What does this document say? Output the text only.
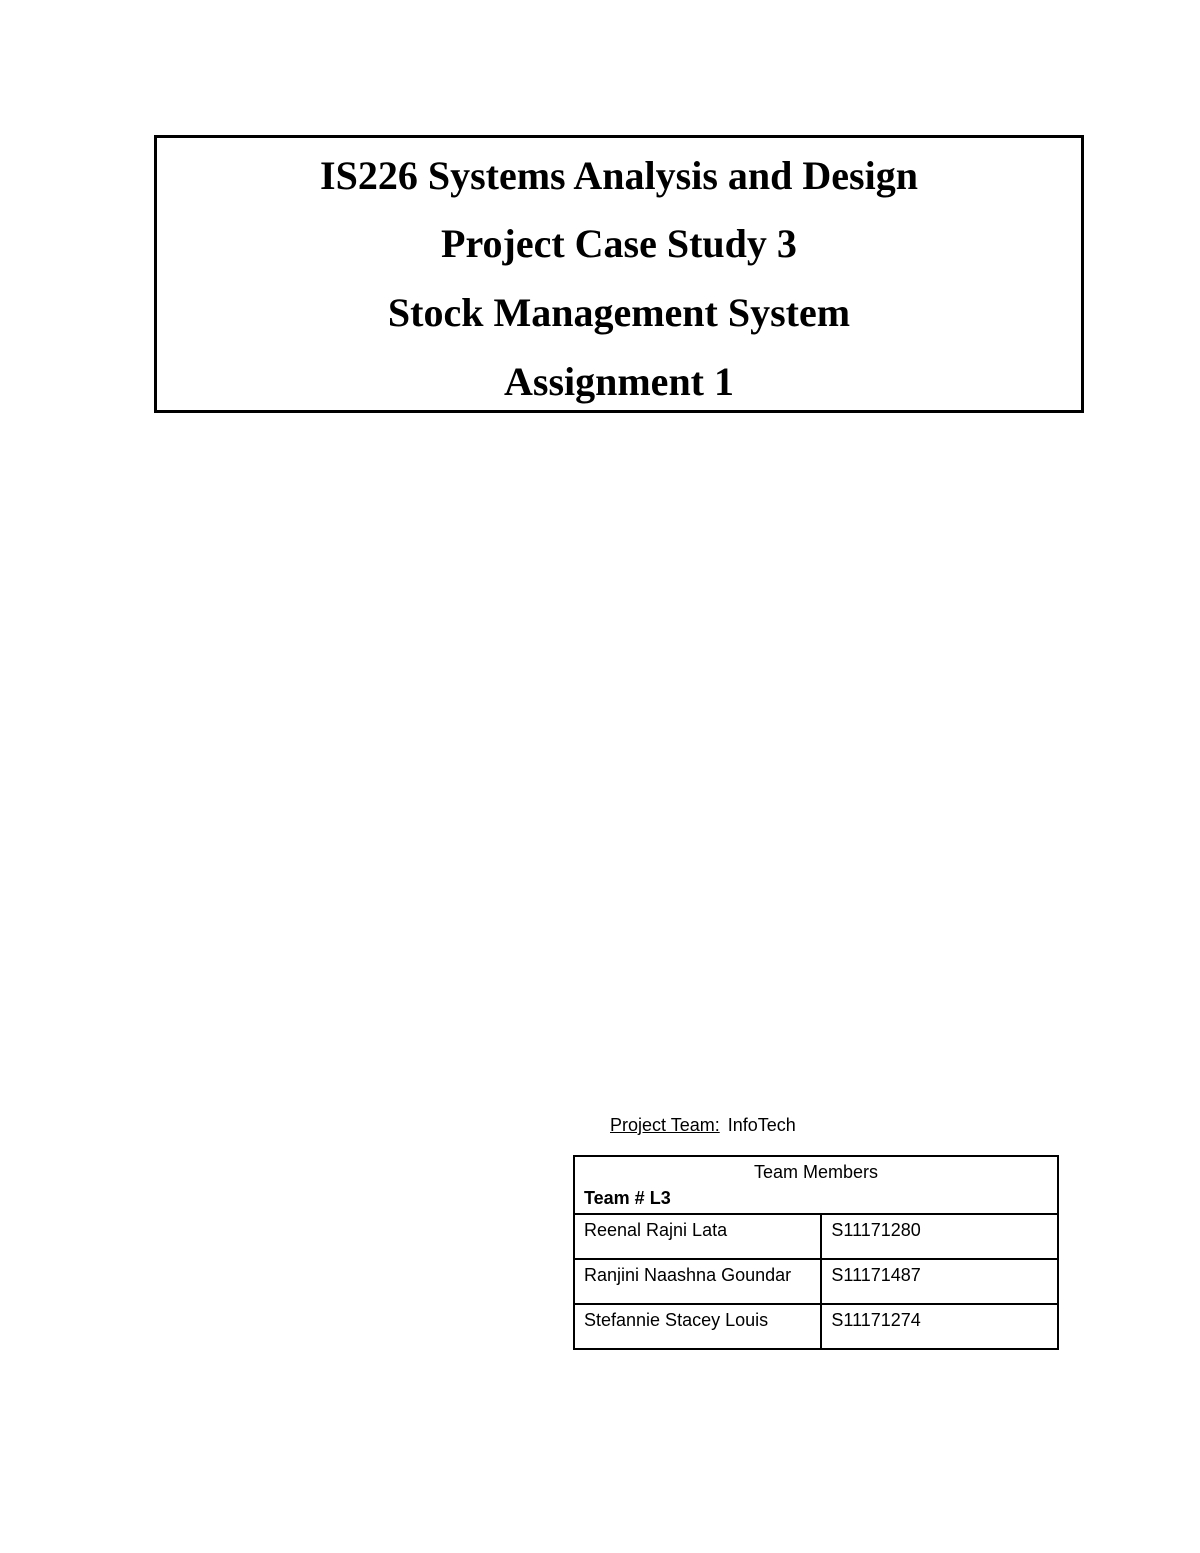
IS226 Systems Analysis and Design
Project Case Study 3
Stock Management System
Assignment 1
Project Team: InfoTech
Team Members
Team # L3	

Reenal Rajni Lata	S11171280
Ranjini Naashna Goundar	S11171487
Stefannie Stacey Louis	S11171274
